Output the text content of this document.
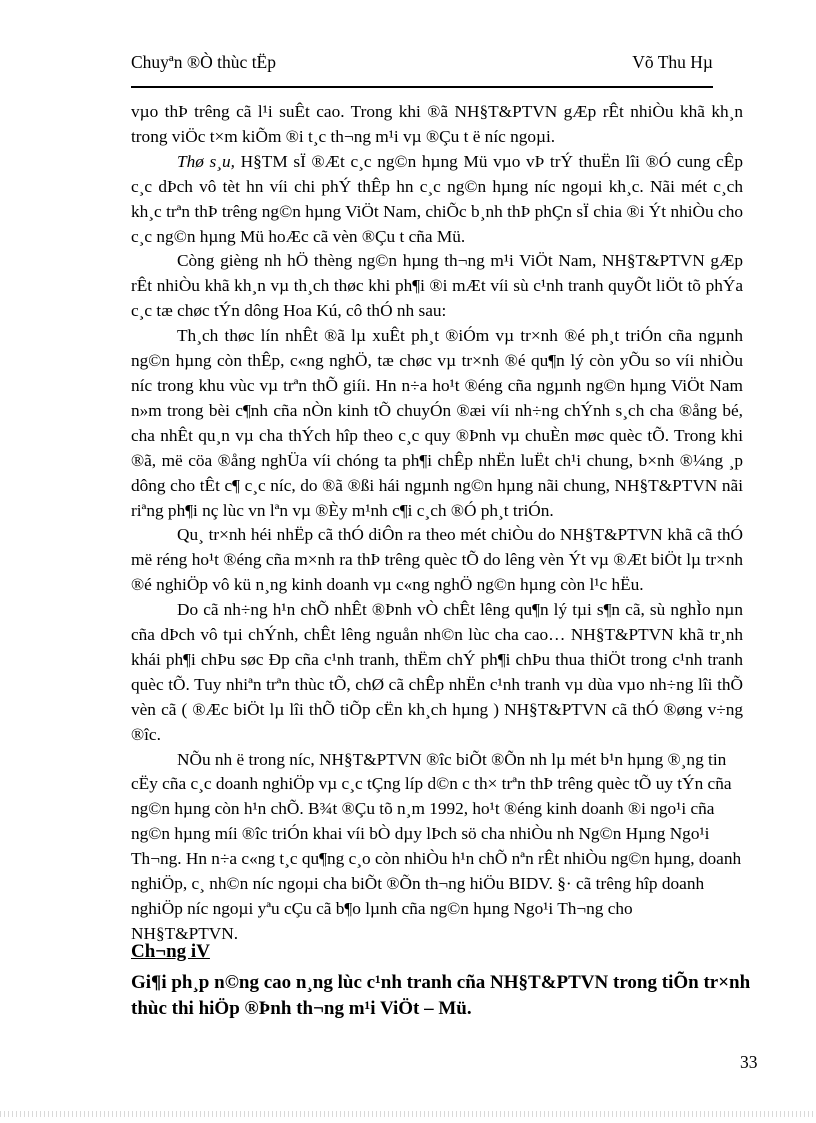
Chuyªn ®Ò thùc tËp	Võ Thu Hµ

vµo thÞ trêng cã l¹i suÊt cao. Trong khi ®ã NH§T&PTVN gÆp rÊt nhiÒu khã kh¸n trong viÖc t×m kiÕm ®i t¸c th¬ng m¹i vµ ®Çu t ë níc ngoµi.

Thø s¸u, H§TM sÏ ®Æt c¸c ng©n hµng Mü vµo vÞ trÝ thuËn lîi ®Ó cung cÊp c¸c dÞch vô tèt hn víi chi phÝ thÊp hn c¸c ng©n hµng níc ngoµi kh¸c. Nãi mét c¸ch kh¸c trªn thÞ trêng ng©n hµng ViÖt Nam, chiÕc b¸nh thÞ phÇn sÏ chia ®i Ýt nhiÒu cho c¸c ng©n hµng Mü hoÆc cã vèn ®Çu t cña Mü.

Còng gièng nh hÖ thèng ng©n hµng th¬ng m¹i ViÖt Nam, NH§T&PTVN gÆp rÊt nhiÒu khã kh¸n vµ th¸ch thøc khi ph¶i ®i mÆt víi sù c¹nh tranh quyÕt liÖt tõ phÝa c¸c tæ chøc tÝn dông Hoa Kú, cô thÓ nh sau:

Th¸ch thøc lín nhÊt ®ã lµ xuÊt ph¸t ®iÓm vµ tr×nh ®é ph¸t triÓn cña ngµnh ng©n hµng còn thÊp, c«ng nghÖ, tæ chøc vµ tr×nh ®é qu¶n lý còn yÕu so víi nhiÒu níc trong khu vùc vµ trªn thÕ giíi. Hn n÷a ho¹t ®éng cña ngµnh ng©n hµng ViÖt Nam n»m trong bèi c¶nh cña nÒn kinh tÕ chuyÓn ®æi víi nh÷ng chÝnh s¸ch cha ®ång bé, cha nhÊt qu¸n vµ cha thÝch hîp theo c¸c quy ®Þnh vµ chuÈn møc quèc tÕ. Trong khi ®ã, më cöa ®ång nghÜa víi chóng ta ph¶i chÊp nhËn luËt ch¹i chung, b×nh ®¼ng ¸p dông cho tÊt c¶ c¸c níc, do ®ã ®ßi hái ngµnh ng©n hµng nãi chung, NH§T&PTVN nãi riªng ph¶i nç lùc vn lªn vµ ®Èy m¹nh c¶i c¸ch ®Ó ph¸t triÓn.

Qu¸ tr×nh héi nhËp cã thÓ diÔn ra theo mét chiÒu do NH§T&PTVN khã cã thÓ më réng ho¹t ®éng cña m×nh ra thÞ trêng quèc tÕ do lêng vèn Ýt vµ ®Æt biÖt lµ tr×nh ®é nghiÖp vô kü n¸ng kinh doanh vµ c«ng nghÖ ng©n hµng còn l¹c hËu.

Do cã nh÷ng h¹n chÕ nhÊt ®Þnh vÒ chÊt lêng qu¶n lý tµi s¶n cã, sù nghÌo nµn cña dÞch vô tµi chÝnh, chÊt lêng nguån nh©n lùc cha cao… NH§T&PTVN khã tr¸nh khái ph¶i chÞu søc Ðp cña c¹nh tranh, thËm chÝ ph¶i chÞu thua thiÖt trong c¹nh tranh quèc tÕ. Tuy nhiªn trªn thùc tÕ, chØ cã chÊp nhËn c¹nh tranh vµ dùa vµo nh÷ng lîi thÕ vèn cã ( ®Æc biÖt lµ lîi thÕ tiÕp cËn kh¸ch hµng ) NH§T&PTVN cã thÓ ®øng v÷ng ®îc.

NÕu nh ë trong níc, NH§T&PTVN ®îc biÕt ®Õn nh lµ mét b¹n hµng ®¸ng tin cËy cña c¸c doanh nghiÖp vµ c¸c tÇng líp d©n c th× trªn thÞ trêng quèc tÕ uy tÝn cña ng©n hµng còn h¹n chÕ. B¾t ®Çu tõ n¸m 1992, ho¹t ®éng kinh doanh ®i ngo¹i cña ng©n hµng míi ®îc triÓn khai víi bÒ dµy lÞch sö cha nhiÒu nh Ng©n Hµng Ngo¹i Th¬ng. Hn n÷a c«ng t¸c qu¶ng c¸o còn nhiÒu h¹n chÕ nªn rÊt nhiÒu ng©n hµng, doanh nghiÖp, c¸ nh©n níc ngoµi cha biÕt ®Õn th¬ng hiÖu BIDV. §· cã trêng hîp doanh nghiÖp níc ngoµi yªu cÇu cã b¶o lµnh cña ng©n hµng Ngo¹i Th¬ng cho NH§T&PTVN.

Ch¬ng iV
Gi¶i ph¸p n©ng cao n¸ng lùc c¹nh tranh cña NH§T&PTVN trong tiÕn tr×nh thùc thi hiÖp ®Þnh th¬ng m¹i ViÖt – Mü.
33
